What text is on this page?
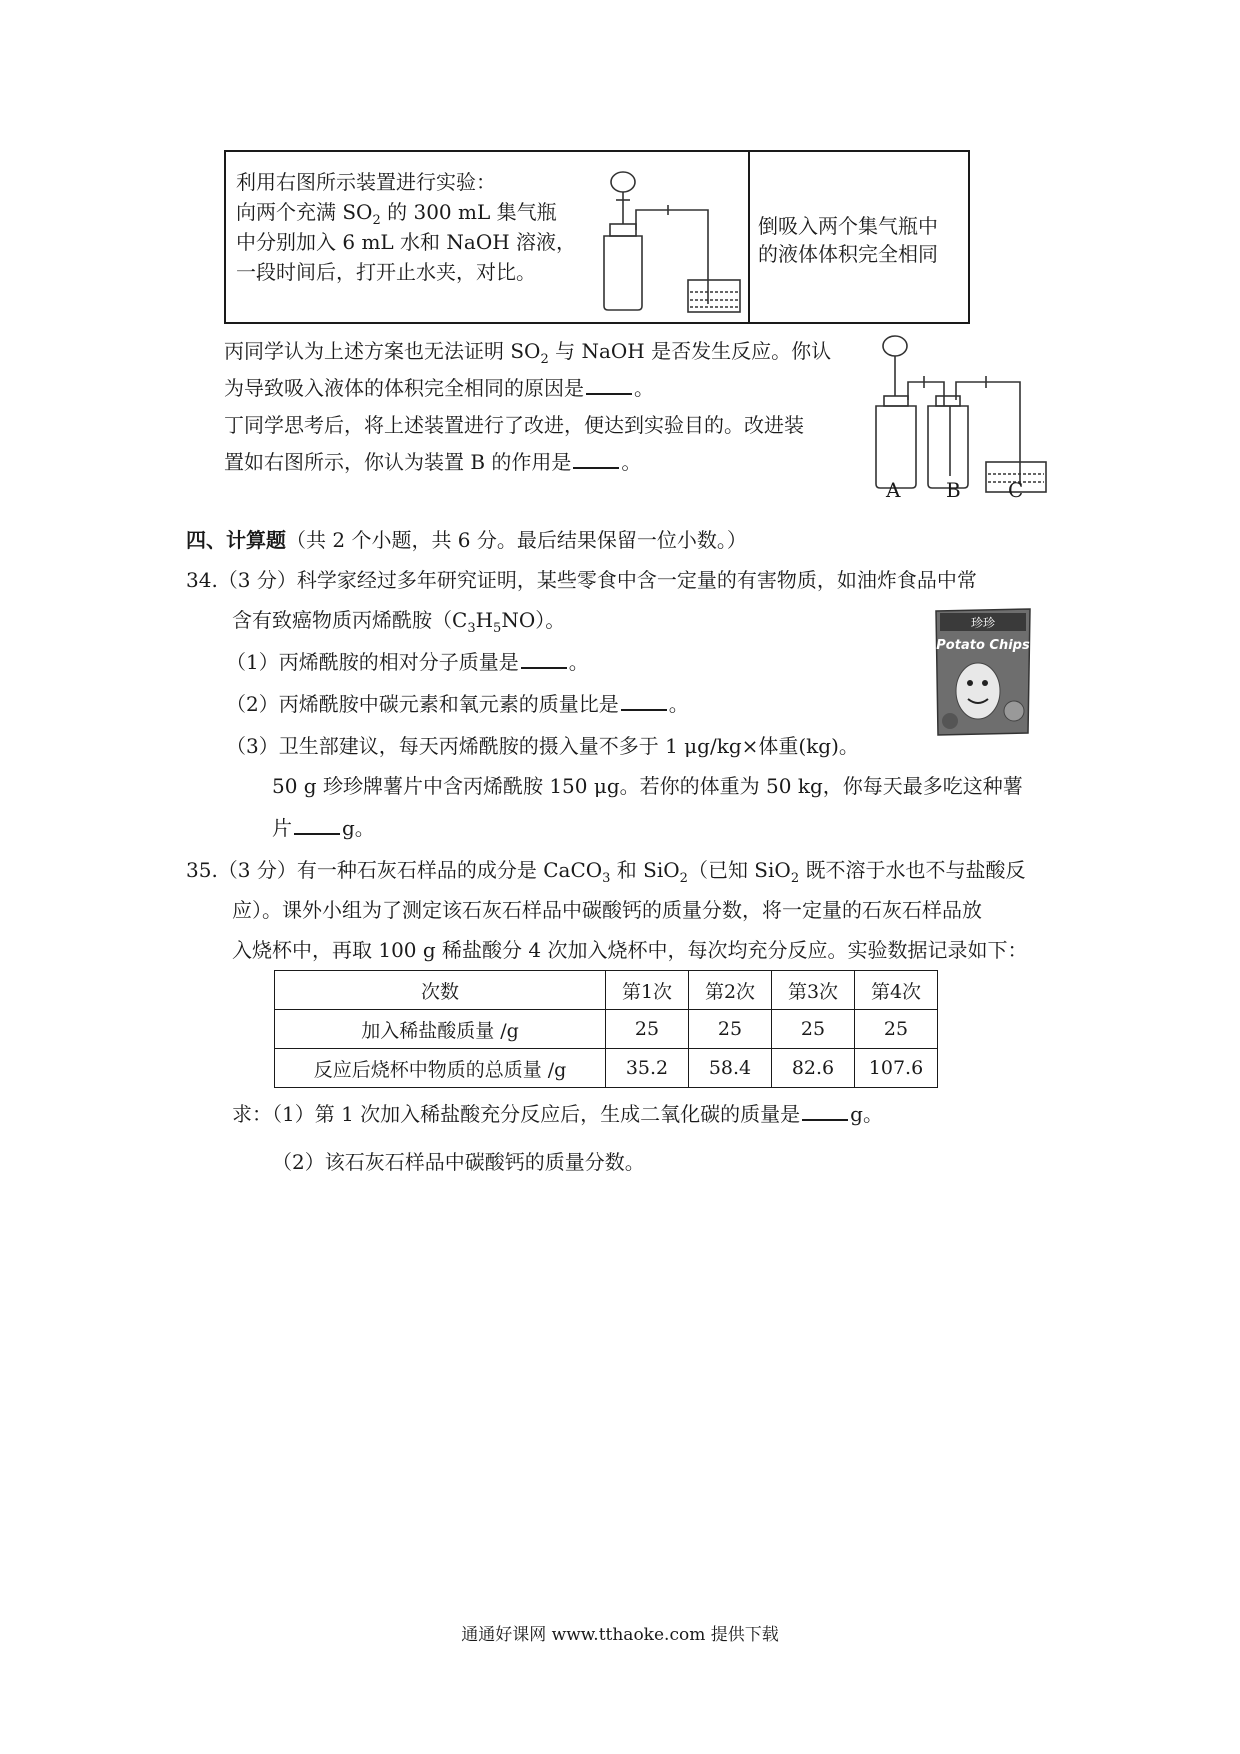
利用右图所示装置进行实验：
向两个充满 $SO_2$ 的 300 mL 集气瓶
中分别加入 6 mL 水和 NaOH 溶液，
一段时间后，打开止水夹，对比。
倒吸入两个集气瓶中
的液体体积完全相同
丙同学认为上述方案也无法证明 $SO_2$ 与 NaOH 是否发生反应。你认
为导致吸入液体的体积完全相同的原因是	。
丁同学思考后，将上述装置进行了改进，便达到实验目的。改进装
置如右图所示，你认为装置 B 的作用是	。
A B C
四、计算题（共 2 个小题，共 6 分。最后结果保留一位小数。）
34.（3 分）科学家经过多年研究证明，某些零食中含一定量的有害物质，如油炸食品中常
含有致癌物质丙烯酰胺$(C_3H_5NO)$。
（1）丙烯酰胺的相对分子质量是	。
（2）丙烯酰胺中碳元素和氧元素的质量比是	。
（3）卫生部建议，每天丙烯酰胺的摄入量不多于 1 μg/kg×体重(kg)。
50 g 珍珍牌薯片中含丙烯酰胺 150 μg。若你的体重为 50 kg，你每天最多吃这种薯
片	g。
珍珍
Potato Chips
35.（3 分）有一种石灰石样品的成分是 CaCO$_3$ 和 SiO$_2$（已知 SiO$_2$ 既不溶于水也不与盐酸反
应）。课外小组为了测定该石灰石样品中碳酸钙的质量分数，将一定量的石灰石样品放
入烧杯中，再取 100 g 稀盐酸分 4 次加入烧杯中，每次均充分反应。实验数据记录如下：
次数	第1次	第2次	第3次	第4次
加入稀盐酸质量 /g	25	25	25	25
反应后烧杯中物质的总质量 /g	35.2	58.4	82.6	107.6
求：（1）第 1 次加入稀盐酸充分反应后，生成二氧化碳的质量是	g。
（2）该石灰石样品中碳酸钙的质量分数。
通通好课网 www.tthaoke.com 提供下载
